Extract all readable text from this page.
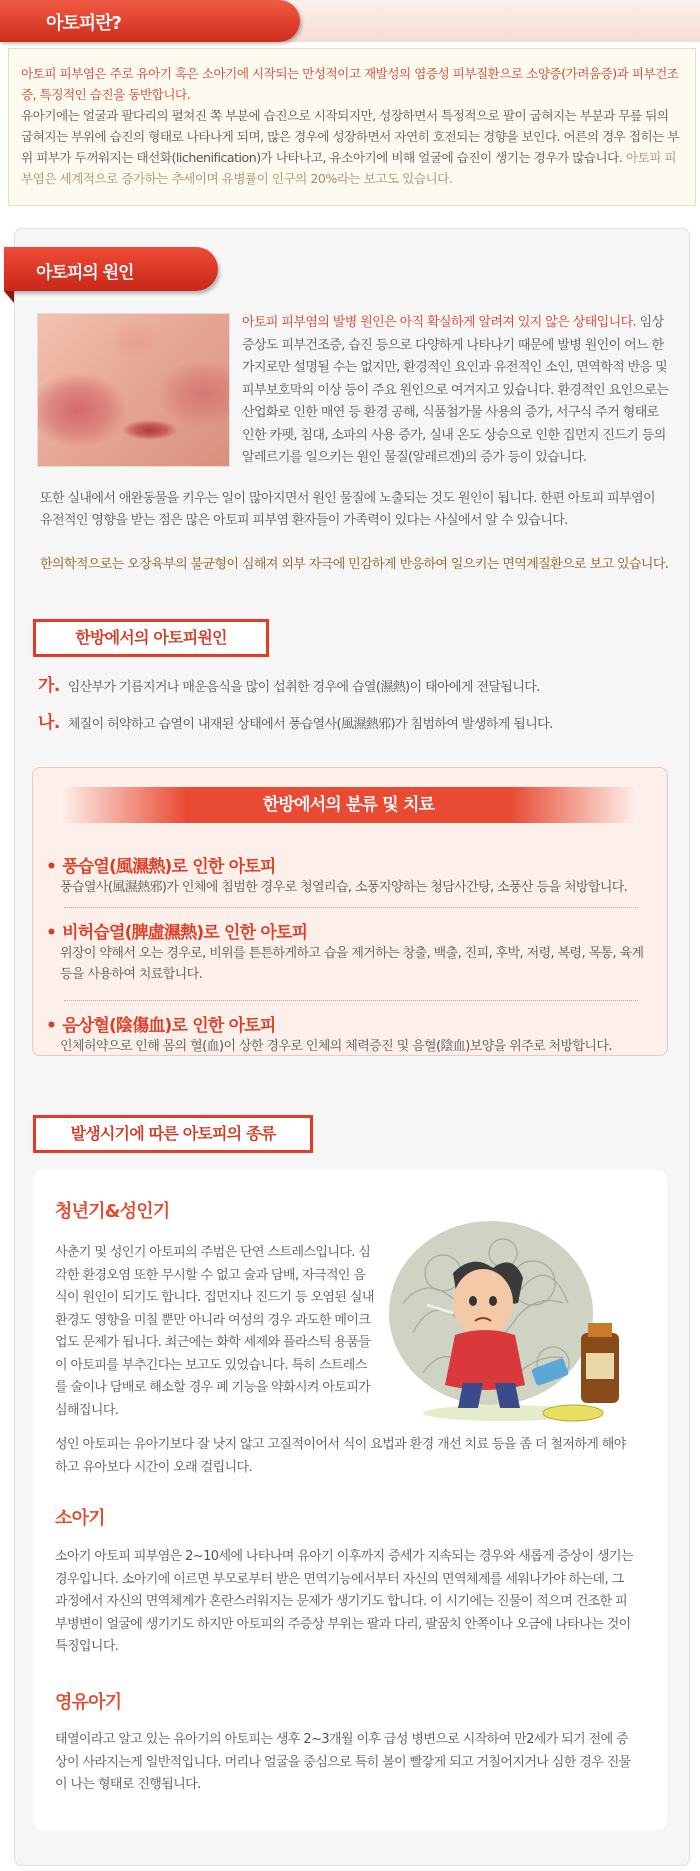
아토피란?
아토피 피부염은 주로 유아기 혹은 소아기에 시작되는 만성적이고 재발성의 염증성 피부질환으로 소양증(가려움증)과 피부건조증, 특징적인 습진을 동반합니다.
유아기에는 얼굴과 팔다리의 펼쳐진 쪽 부분에 습진으로 시작되지만, 성장하면서 특정적으로 팔이 굽혀지는 부분과 무릎 뒤의 굽혀지는 부위에 습진의 형태로 나타나게 되며, 많은 경우에 성장하면서 자연히 호전되는 경향을 보인다. 어른의 경우 접히는 부위 피부가 두꺼워지는 태선화(lichenification)가 나타나고, 유소아기에 비해 얼굴에 습진이 생기는 경우가 많습니다. 아토피 피부염은 세계적으로 증가하는 추세이며 유병률이 인구의 20%라는 보고도 있습니다.
아토피의 원인
아토피 피부염의 발병 원인은 아직 확실하게 알려져 있지 않은 상태입니다. 임상증상도 피부건조증, 습진 등으로 다양하게 나타나기 때문에 발병 원인이 어느 한 가지로만 설명될 수는 없지만, 환경적인 요인과 유전적인 소인, 면역학적 반응 및 피부보호막의 이상 등이 주요 원인으로 여겨지고 있습니다. 환경적인 요인으로는 산업화로 인한 매연 등 환경 공해, 식품첨가물 사용의 증가, 서구식 주거 형태로 인한 카펫, 침대, 소파의 사용 증가, 실내 온도 상승으로 인한 집먼지 진드기 등의 알레르기를 일으키는 원인 물질(알레르겐)의 증가 등이 있습니다.
또한 실내에서 애완동물을 키우는 일이 많아지면서 원인 물질에 노출되는 것도 원인이 됩니다. 한편 아토피 피부염이 유전적인 영향을 받는 점은 많은 아토피 피부염 환자들이 가족력이 있다는 사실에서 알 수 있습니다.
한의학적으로는 오장육부의 불균형이 심해져 외부 자극에 민감하게 반응하여 일으키는 면역계질환으로 보고 있습니다.
한방에서의 아토피원인
가. 임산부가 기름지거나 매운음식을 많이 섭취한 경우에 습열(濕熱)이 태아에게 전달됩니다.
나. 체질이 허약하고 습열이 내재된 상태에서 풍습열사(風濕熱邪)가 침범하여 발생하게 됩니다.
한방에서의 분류 및 치료
• 풍습열(風濕熱)로 인한 아토피
풍습열사(風濕熱邪)가 인체에 침범한 경우로 청열리습, 소풍지양하는 청담사간탕, 소풍산 등을 처방합니다.
• 비허습열(脾虛濕熱)로 인한 아토피
위장이 약해서 오는 경우로, 비위를 튼튼하게하고 습을 제거하는 창출, 백출, 진피, 후박, 저령, 복령, 목통, 육계 등을 사용하여 치료합니다.
• 음상혈(陰傷血)로 인한 아토피
인체허약으로 인해 몸의 혈(血)이 상한 경우로 인체의 체력증진 및 음혈(陰血)보양을 위주로 처방합니다.
발생시기에 따른 아토피의 종류
청년기&성인기
사춘기 및 성인기 아토피의 주범은 단연 스트레스입니다. 심각한 환경오염 또한 무시할 수 없고 술과 담배, 자극적인 음식이 원인이 되기도 합니다. 집먼지나 진드기 등 오염된 실내 환경도 영향을 미칠 뿐만 아니라 여성의 경우 과도한 메이크업도 문제가 됩니다. 최근에는 화학 세제와 플라스틱 용품들이 아토피를 부추긴다는 보고도 있었습니다. 특히 스트레스를 술이나 담배로 해소할 경우 폐 기능을 약화시켜 아토피가 심해집니다.
성인 아토피는 유아기보다 잘 낫지 않고 고질적이어서 식이 요법과 환경 개선 치료 등을 좀 더 철저하게 해야 하고 유아보다 시간이 오래 걸립니다.
소아기
소아기 아토피 피부염은 2~10세에 나타나며 유아기 이후까지 증세가 지속되는 경우와 새롭게 증상이 생기는 경우입니다. 소아기에 이르면 부모로부터 받은 면역기능에서부터 자신의 면역체계를 세워나가야 하는데, 그 과정에서 자신의 면역체계가 혼란스러워지는 문제가 생기기도 합니다. 이 시기에는 진물이 적으며 건조한 피부병변이 얼굴에 생기기도 하지만 아토피의 주증상 부위는 팔과 다리, 팔꿈치 안쪽이나 오금에 나타나는 것이 특징입니다.
영유아기
태열이라고 알고 있는 유아기의 아토피는 생후 2~3개월 이후 급성 병변으로 시작하여 만2세가 되기 전에 증상이 사라지는게 일반적입니다. 머리나 얼굴을 중심으로 특히 볼이 빨갛게 되고 거칠어지거나 심한 경우 진물이 나는 형태로 진행됩니다.
